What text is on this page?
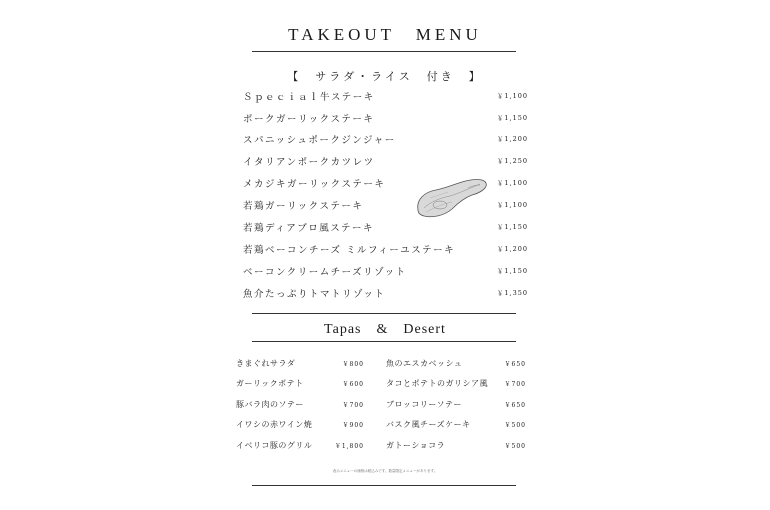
TAKEOUT　MENU
【　サラダ・ライス　付き　】
Ｓｐｅｃｉａｌ牛ステーキ	￥1,100
ポークガーリックステーキ	￥1,150
スパニッシュポークジンジャー	￥1,200
イタリアンポークカツレツ	￥1,250
メカジキガーリックステーキ	￥1,100
若鶏ガーリックステーキ	￥1,100
若鶏ディアブロ風ステーキ	￥1,150
若鶏ベーコンチーズ ミルフィーユステーキ	￥1,200
ベーコンクリームチーズリゾット	￥1,150
魚介たっぷりトマトリゾット	￥1,350
Tapas　&　Desert
きまぐれサラダ	￥800
ガーリックポテト	￥600
豚バラ肉のソテー	￥700
イワシの赤ワイン焼	￥900
イベリコ豚のグリル	￥1,800
魚のエスカベッシュ	￥650
タコとポテトのガリシア風	￥700
ブロッコリーソテー	￥650
バスク風チーズケーキ	￥500
ガトーショコラ	￥500
表示メニューの価格は税込みです。数量限定メニューがあります。
